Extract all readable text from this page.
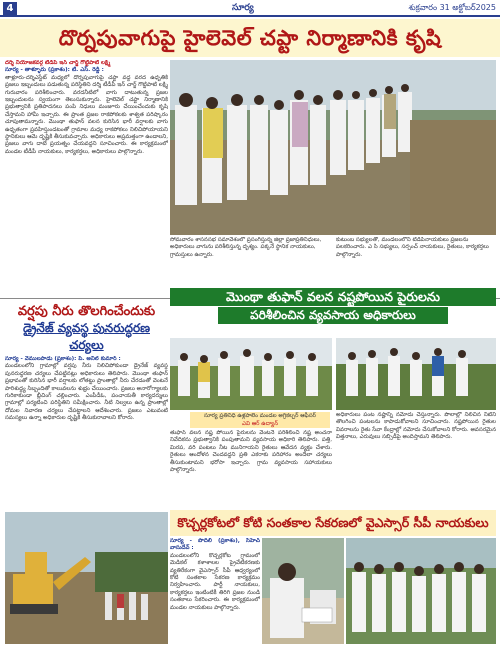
4	సూర్య	శుక్రవారం 31 అక్టోబర్2025
దొర్నపువాగుపై హైలెవెల్ చప్టా నిర్మాణానికి కృషి
దర్శి నియోజకవర్గ టీడీపీ ఇన్ చార్జ్ గొట్టిపాటి లక్ష్మి
సూర్య - తాళ్ళూరు (ప్రకాశం): టి. ఎస్. రెడ్డి :
తాళ్లూరు-దర్శిఎస్టేట్ మధ్యలో దొర్నపువాగుపై చప్టా వద్ద వరద ఉధృతికి ప్రజలు ఇబ్బందులు పడుతున్న పరిస్థితిని దర్శి టీడీపీ ఇన్ చార్జ్ గొట్టిపాటి లక్ష్మి గురువారం పరిశీలించారు. వరదనీటిలో వాగు దాటుతున్న ప్రజల ఇబ్బందులను స్వయంగా తెలుసుకున్నారు. హైలెవెల్ చప్టా నిర్మాణానికి ప్రభుత్వానికి ప్రతిపాదనలు పంపి నిధులు మంజూరు చేయించేందుకు కృషి చేస్తామని హామీ ఇచ్చారు. ఈ ప్రాంత ప్రజల రాకపోకలకు శాశ్వత పరిష్కారం చూపుతామన్నారు. మొంథా తుఫాన్ వలన కురిసిన భారీ వర్షాలకు వాగు ఉధృతంగా ప్రవహిస్తుండటంతో గ్రామాల మధ్య రాకపోకలు నిలిచిపోయాయని స్థానికులు ఆమె దృష్టికి తీసుకువచ్చారు. అధికారులు అప్రమత్తంగా ఉండాలని, ప్రజలు వాగు దాటే ప్రయత్నం చేయవద్దని సూచించారు. ఈ కార్యక్రమంలో మండల టీడీపీ నాయకులు, కార్యకర్తలు, అధికారులు పాల్గొన్నారు.
సోమవారం శాసనసభ సమావేశంలో ప్రసంగిస్తున్న జిల్లా ప్రజాప్రతినిధులు, అధికారులు వాగును పరిశీలిస్తున్న దృశ్యం. పక్కనే స్థానిక నాయకులు, గ్రామస్తులు ఉన్నారు.
కుటుంబ సభ్యులతో, మండలంలోని టీడీపీనాయకులు ప్రజలను పలకరించారు. ఎ సి సభ్యులు, సర్పంచ్ నాయకులు, రైతులు, కార్యకర్తలు పాల్గొన్నారు.
వర్షపు నీరు తొలగించేందుకు
డ్రైనేజ్ వ్యవస్థ పునరుద్ధరణ చర్యలు
సూర్య - వేములపాడు (ప్రకాశం): పి. అనిల్ కుమార్ :
మండలంలోని గ్రామాల్లో వర్షపు నీరు నిలిచిపోకుండా డ్రైనేజ్ వ్యవస్థ పునరుద్ధరణ చర్యలు చేపట్టినట్లు అధికారులు తెలిపారు. మొంథా తుఫాన్ ప్రభావంతో కురిసిన భారీ వర్షాలకు లోతట్టు ప్రాంతాల్లో నీరు చేరడంతో వెంటనే పారిశుద్ధ్య సిబ్బందితో కాలువలను శుభ్రం చేయించారు. ప్రజలు అనారోగ్యాలకు గురికాకుండా బ్లీచింగ్ చల్లించారు. ఎంపీడీఓ, పంచాయతీ కార్యదర్శులు గ్రామాల్లో పర్యటించి పరిస్థితిని సమీక్షించారు. నీటి నిల్వలు ఉన్న ప్రాంతాల్లో దోమల నివారణ చర్యలు చేపట్టాలని ఆదేశించారు. ప్రజలు ఎటువంటి సమస్యలు ఉన్నా అధికారుల దృష్టికి తీసుకురావాలని కోరారు.
మొంథా తుఫాన్ వలన నష్టపోయిన పైరులను
పరిశీలించిన వ్యవసాయ అధికారులు
సూర్య ప్రతినిధి ఉళ్లపాలెం మండల అగ్రికల్చర్ ఆఫీసర్
ఎవి ఆర్ ఉద్యాన్
తుఫాన్ వలన నష్ట పోయిన పైరులను వెంటనే పరిశీలించి నష్ట అంచనా నివేదికను ప్రభుత్వానికి పంపుతామని వ్యవసాయ అధికారి తెలిపారు. పత్తి, మిరప, వరి పంటలు నీట మునిగాయని రైతులు ఆవేదన వ్యక్తం చేశారు. రైతులు ఆందోళన చెందవద్దని ప్రతి ఎకరాకు పరిహారం అందేలా చర్యలు తీసుకుంటామని భరోసా ఇచ్చారు. గ్రామ వ్యవసాయ సహాయకులు పాల్గొన్నారు.
అధికారులు పంట నష్టాన్ని నమోదు చేస్తున్నారు. పొలాల్లో నిలిచిన నీటిని తొలగించి పంటలను కాపాడుకోవాలని సూచించారు. నష్టపోయిన రైతుల వివరాలను రైతు సేవా కేంద్రాల్లో నమోదు చేసుకోవాలని కోరారు. అవసరమైన విత్తనాలు, ఎరువులు సబ్సిడీపై అందిస్తామని తెలిపారు.
కొచ్చర్లకోటలో కోటి సంతకాల సేకరణలో వైఎస్సార్ సీపీ నాయకులు
సూర్య - పొదిలి (ప్రకాశం), సిహెచ్ వాసుదేవ్ :
మండలంలోని కొచ్చర్లకోట గ్రామంలో మెడికల్ కళాశాలల ప్రైవేటీకరణకు వ్యతిరేకంగా వైఎస్సార్ సీపీ ఆధ్వర్యంలో కోటి సంతకాల సేకరణ కార్యక్రమం నిర్వహించారు. పార్టీ నాయకులు, కార్యకర్తలు ఇంటింటికీ తిరిగి ప్రజల నుండి సంతకాలు సేకరించారు. ఈ కార్యక్రమంలో మండల నాయకులు పాల్గొన్నారు.
